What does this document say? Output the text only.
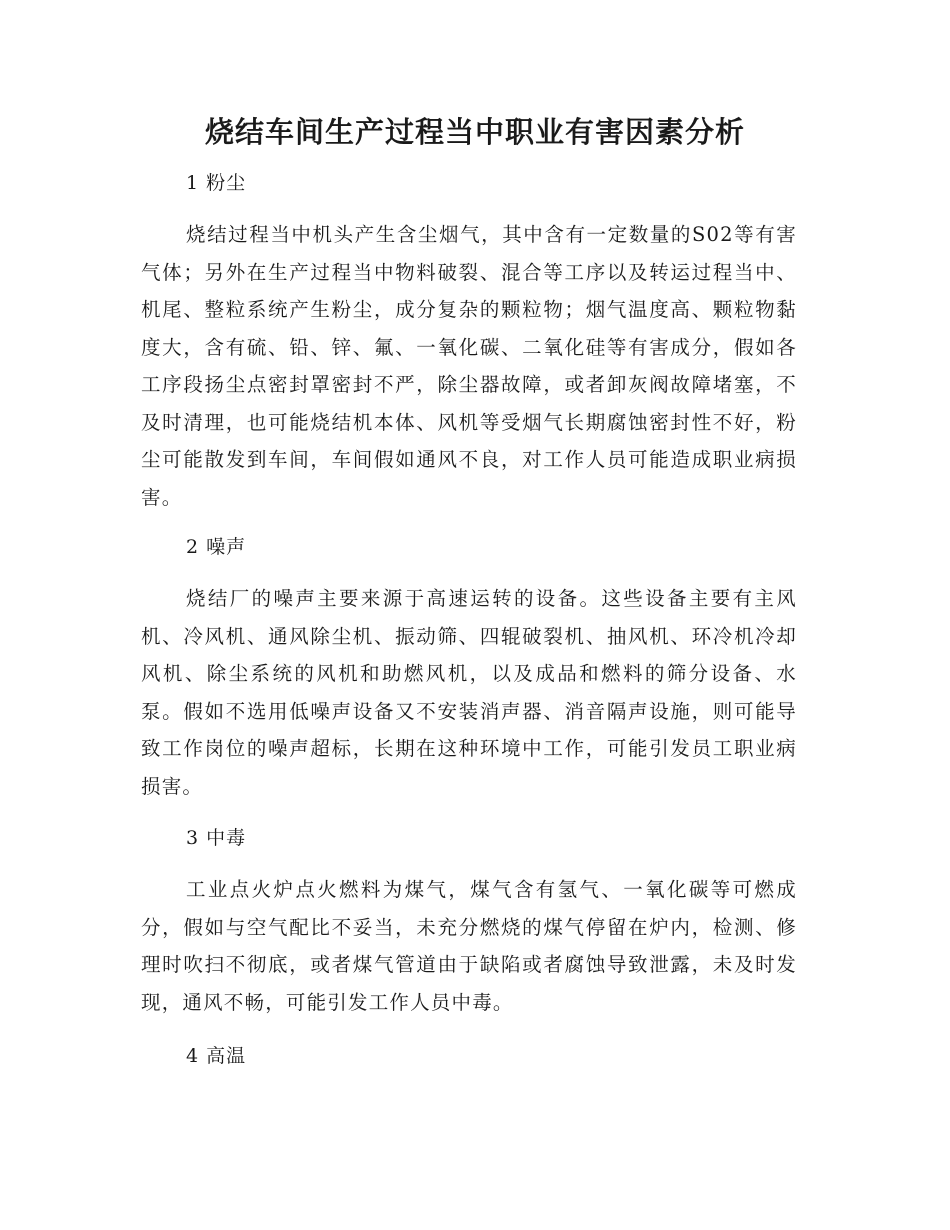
烧结车间生产过程当中职业有害因素分析

1 粉尘

烧结过程当中机头产生含尘烟气，其中含有一定数量的S02等有害气体；另外在生产过程当中物料破裂、混合等工序以及转运过程当中、机尾、整粒系统产生粉尘，成分复杂的颗粒物；烟气温度高、颗粒物黏度大，含有硫、铅、锌、氟、一氧化碳、二氧化硅等有害成分，假如各工序段扬尘点密封罩密封不严，除尘器故障，或者卸灰阀故障堵塞，不及时清理，也可能烧结机本体、风机等受烟气长期腐蚀密封性不好，粉尘可能散发到车间，车间假如通风不良，对工作人员可能造成职业病损害。

2 噪声

烧结厂的噪声主要来源于高速运转的设备。这些设备主要有主风机、冷风机、通风除尘机、振动筛、四辊破裂机、抽风机、环冷机冷却风机、除尘系统的风机和助燃风机，以及成品和燃料的筛分设备、水泵。假如不选用低噪声设备又不安装消声器、消音隔声设施，则可能导致工作岗位的噪声超标，长期在这种环境中工作，可能引发员工职业病损害。

3 中毒

工业点火炉点火燃料为煤气，煤气含有氢气、一氧化碳等可燃成分，假如与空气配比不妥当，未充分燃烧的煤气停留在炉内，检测、修理时吹扫不彻底，或者煤气管道由于缺陷或者腐蚀导致泄露，未及时发现，通风不畅，可能引发工作人员中毒。

4 高温
